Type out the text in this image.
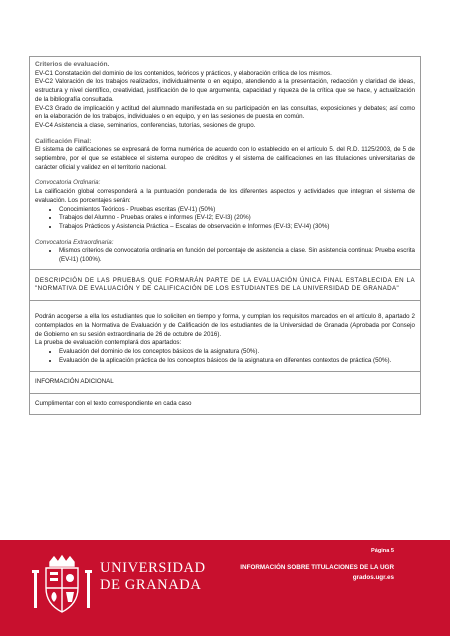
Criterios de evaluación.

EV-C1 Constatación del dominio de los contenidos, teóricos y prácticos, y elaboración crítica de los mismos.

EV-C2 Valoración de los trabajos realizados, individualmente o en equipo, atendiendo a la presentación, redacción y claridad de ideas, estructura y nivel científico, creatividad, justificación de lo que argumenta, capacidad y riqueza de la crítica que se hace, y actualización de la bibliografía consultada.

EV-C3 Grado de implicación y actitud del alumnado manifestada en su participación en las consultas, exposiciones y debates; así como en la elaboración de los trabajos, individuales o en equipo, y en las sesiones de puesta en común.

EV-C4 Asistencia a clase, seminarios, conferencias, tutorías, sesiones de grupo.

Calificación Final:

El sistema de calificaciones se expresará de forma numérica de acuerdo con lo establecido en el artículo 5. del R.D. 1125/2003, de 5 de septiembre, por el que se establece el sistema europeo de créditos y el sistema de calificaciones en las titulaciones universitarias de carácter oficial y validez en el territorio nacional.

Convocatoria Ordinaria:

La calificación global corresponderá a la puntuación ponderada de los diferentes aspectos y actividades que integran el sistema de evaluación. Los porcentajes serán:

• Conocimientos Teóricos - Pruebas escritas (EV-I1) (50%)
• Trabajos del Alumno - Pruebas orales e informes (EV-I2; EV-I3) (20%)
• Trabajos Prácticos y Asistencia Práctica – Escalas de observación e Informes (EV-I3; EV-I4) (30%)

Convocatoria Extraordinaria:

• Mismos criterios de convocatoria ordinaria en función del porcentaje de asistencia a clase. Sin asistencia continua: Prueba escrita (EV-I1) (100%).

DESCRIPCIÓN DE LAS PRUEBAS QUE FORMARÁN PARTE DE LA EVALUACIÓN ÚNICA FINAL ESTABLECIDA EN LA "NORMATIVA DE EVALUACIÓN Y DE CALIFICACIÓN DE LOS ESTUDIANTES DE LA UNIVERSIDAD DE GRANADA"

Podrán acogerse a ella los estudiantes que lo soliciten en tiempo y forma, y cumplan los requisitos marcados en el artículo 8, apartado 2 contemplados en la Normativa de Evaluación y de Calificación de los estudiantes de la Universidad de Granada (Aprobada por Consejo de Gobierno en su sesión extraordinaria de 26 de octubre de 2016).

La prueba de evaluación contemplará dos apartados:

• Evaluación del dominio de los conceptos básicos de la asignatura (50%).
• Evaluación de la aplicación práctica de los conceptos básicos de la asignatura en diferentes contextos de práctica (50%).

INFORMACIÓN ADICIONAL

Cumplimentar con el texto correspondiente en cada caso

UNIVERSIDAD
DE GRANADA
Página 5
INFORMACIÓN SOBRE TITULACIONES DE LA UGR
grados.ugr.es
